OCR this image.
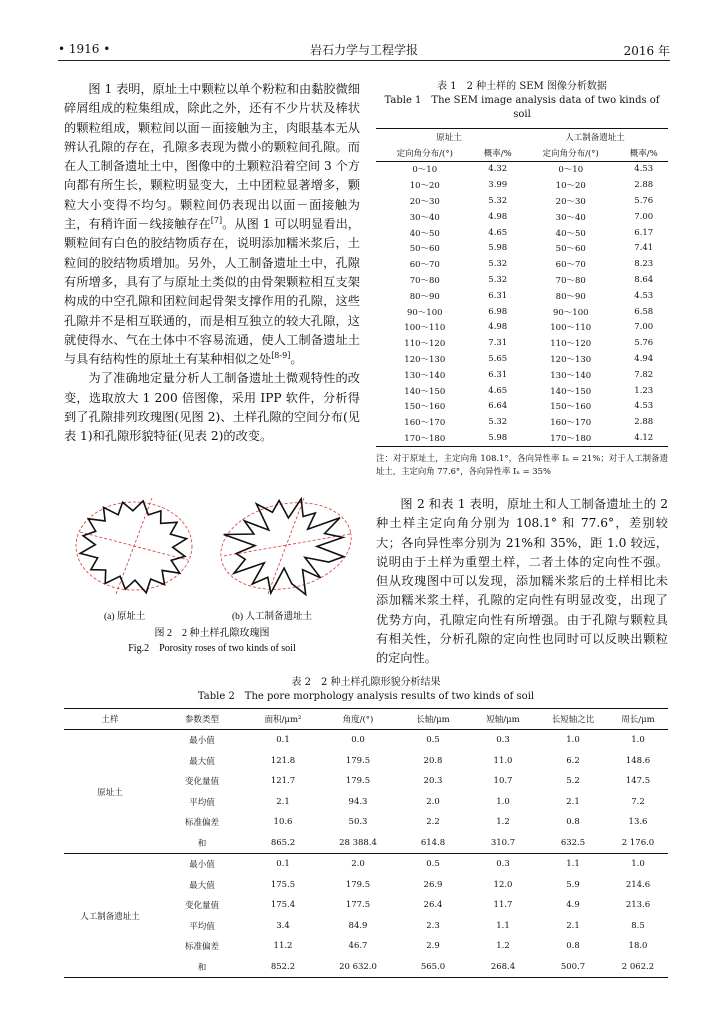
• 1916 •	岩石力学与工程学报	2016 年

图 1 表明，原址土中颗粒以单个粉粒和由黏胶微细碎屑组成的粒集组成，除此之外，还有不少片状及棒状的颗粒组成，颗粒间以面－面接触为主，肉眼基本无从辨认孔隙的存在，孔隙多表现为微小的颗粒间孔隙。而在人工制备遗址土中，图像中的土颗粒沿着空间 3 个方向都有所生长，颗粒明显变大，土中团粒显著增多，颗粒大小变得不均匀。颗粒间仍表现出以面－面接触为主，有稍许面－线接触存在[7]。从图 1 可以明显看出，颗粒间有白色的胶结物质存在，说明添加糯米浆后，土粒间的胶结物质增加。另外，人工制备遗址土中，孔隙有所增多，具有了与原址土类似的由骨架颗粒相互支架构成的中空孔隙和团粒间起骨架支撑作用的孔隙，这些孔隙并不是相互联通的，而是相互独立的较大孔隙，这就使得水、气在土体中不容易流通，使人工制备遗址土与具有结构性的原址土有某种相似之处[8-9]。

为了准确地定量分析人工制备遗址土微观特性的改变，选取放大 1 200 倍图像，采用 IPP 软件，分析得到了孔隙排列玫瑰图(见图 2)、土样孔隙的空间分布(见表 1)和孔隙形貌特征(见表 2)的改变。

(a) 原址土	(b) 人工制备遗址土
图 2　2 种土样孔隙玫瑰图
Fig.2　Porosity roses of two kinds of soil
表 1　2 种土样的 SEM 图像分析数据
Table 1　The SEM image analysis data of two kinds of soil
原址土		人工制备遗址土	
定向角分布/(°)	概率/%	定向角分布/(°)	概率/%
0～10	4.32	0～10	4.53
10～20	3.99	10～20	2.88
20～30	5.32	20～30	5.76
30～40	4.98	30～40	7.00
40～50	4.65	40～50	6.17
50～60	5.98	50～60	7.41
60～70	5.32	60～70	8.23
70～80	5.32	70～80	8.64
80～90	6.31	80～90	4.53
90～100	6.98	90～100	6.58
100～110	4.98	100～110	7.00
110～120	7.31	110～120	5.76
120～130	5.65	120～130	4.94
130～140	6.31	130～140	7.82
140～150	4.65	140～150	1.23
150～160	6.64	150～160	4.53
160～170	5.32	160～170	2.88
170～180	5.98	170～180	4.12
注：对于原址土，主定向角 108.1°，各向异性率 Iₙ = 21%；对于人工制备遗址土，主定向角 77.6°，各向异性率 Iₙ = 35%

图 2 和表 1 表明，原址土和人工制备遗址土的 2 种土样主定向角分别为 108.1° 和 77.6°，差别较大；各向异性率分别为 21%和 35%，距 1.0 较远，说明由于土样为重塑土样，二者土体的定向性不强。但从玫瑰图中可以发现，添加糯米浆后的土样相比未添加糯米浆土样，孔隙的定向性有明显改变，出现了优势方向，孔隙定向性有所增强。由于孔隙与颗粒具有相关性，分析孔隙的定向性也同时可以反映出颗粒的定向性。

表 2　2 种土样孔隙形貌分析结果
Table 2　The pore morphology analysis results of two kinds of soil
土样	参数类型	面积/μm²	角度/(°)	长轴/μm	短轴/μm	长短轴之比	周长/μm
原址土	最小值	0.1	0.0	0.5	0.3	1.0	1.0
	最大值	121.8	179.5	20.8	11.0	6.2	148.6
	变化量值	121.7	179.5	20.3	10.7	5.2	147.5
	平均值	2.1	94.3	2.0	1.0	2.1	7.2
	标准偏差	10.6	50.3	2.2	1.2	0.8	13.6
	和	865.2	28 388.4	614.8	310.7	632.5	2 176.0
人工制备遗址土	最小值	0.1	2.0	0.5	0.3	1.1	1.0
	最大值	175.5	179.5	26.9	12.0	5.9	214.6
	变化量值	175.4	177.5	26.4	11.7	4.9	213.6
	平均值	3.4	84.9	2.3	1.1	2.1	8.5
	标准偏差	11.2	46.7	2.9	1.2	0.8	18.0
	和	852.2	20 632.0	565.0	268.4	500.7	2 062.2
